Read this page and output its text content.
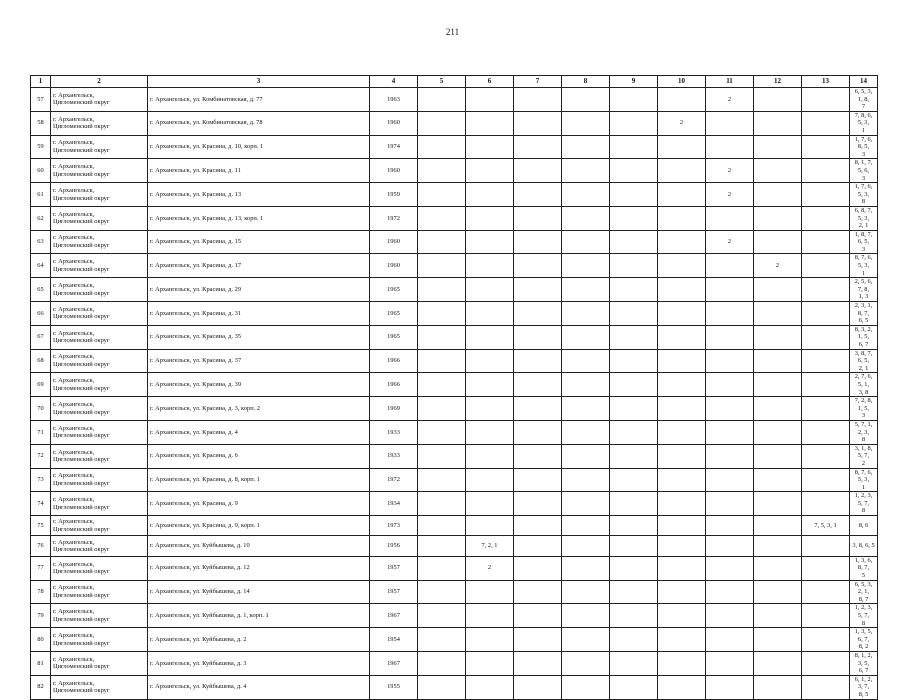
211
1	2	3	4	5	6	7	8	9	10	11	12	13	14
57	г. Архангельск,
Цигломенский округ	г. Архангельск, ул. Комбинатовская, д. 77	1963							2			6, 5, 3, 1, 8,
7
58	г. Архангельск,
Цигломенский округ	г. Архангельск, ул. Комбинатовская, д. 78	1960						2				7, 8, 6, 5, 3,
1
59	г. Архангельск,
Цигломенский округ	г. Архангельск, ул. Красина, д. 10, корп. 1	1974										1, 7, 6, 8, 5,
3
60	г. Архангельск,
Цигломенский округ	г. Архангельск, ул. Красина, д. 11	1960							2			8, 1, 7, 5, 6,
3
61	г. Архангельск,
Цигломенский округ	г. Архангельск, ул. Красина, д. 13	1959							2			1, 7, 6, 5, 3,
8
62	г. Архангельск,
Цигломенский округ	г. Архангельск, ул. Красина, д. 13, корп. 1	1972										6, 8, 7, 5, 3,
2, 1
63	г. Архангельск,
Цигломенский округ	г. Архангельск, ул. Красина, д. 15	1960							2			1, 8, 7, 6, 5,
3
64	г. Архангельск,
Цигломенский округ	г. Архангельск, ул. Красина, д. 17	1960								2		8, 7, 6, 5, 3,
1
65	г. Архангельск,
Цигломенский округ	г. Архангельск, ул. Красина, д. 29	1965										2, 5, 6, 7, 8,
1, 3
66	г. Архангельск,
Цигломенский округ	г. Архангельск, ул. Красина, д. 31	1965										2, 3, 1, 8, 7,
6, 5
67	г. Архангельск,
Цигломенский округ	г. Архангельск, ул. Красина, д. 35	1965										8, 3, 2, 1, 5,
6, 7
68	г. Архангельск,
Цигломенский округ	г. Архангельск, ул. Красина, д. 37	1966										3, 8, 7, 6, 5,
2, 1
69	г. Архангельск,
Цигломенский округ	г. Архангельск, ул. Красина, д. 39	1966										2, 7, 6, 5, 1,
3, 8
70	г. Архангельск,
Цигломенский округ	г. Архангельск, ул. Красина, д. 3, корп. 2	1969										7, 2, 8, 1, 5,
3
71	г. Архангельск,
Цигломенский округ	г. Архангельск, ул. Красина, д. 4	1933										5, 7, 1, 2, 3,
8
72	г. Архангельск,
Цигломенский округ	г. Архангельск, ул. Красина, д. 6	1933										3, 1, 8, 5, 7,
2
73	г. Архангельск,
Цигломенский округ	г. Архангельск, ул. Красина, д. 8, корп. 1	1972										8, 7, 6, 5, 3,
1
74	г. Архангельск,
Цигломенский округ	г. Архангельск, ул. Красина, д. 9	1934										1, 2, 3, 5, 7,
8
75	г. Архангельск,
Цигломенский округ	г. Архангельск, ул. Красина, д. 9, корп. 1	1973									7, 5, 3, 1	8, 6
76	г. Архангельск,
Цигломенский округ	г. Архангельск, ул. Куйбышева, д. 10	1956		7, 2, 1								3, 8, 6, 5
77	г. Архангельск,
Цигломенский округ	г. Архангельск, ул. Куйбышева, д. 12	1957		2								1, 3, 6, 8, 7,
5
78	г. Архангельск,
Цигломенский округ	г. Архангельск, ул. Куйбышева, д. 14	1957										6, 5, 3, 2, 1,
8, 7
79	г. Архангельск,
Цигломенский округ	г. Архангельск, ул. Куйбышева, д. 1, корп. 1	1967										1, 2, 3, 5, 7,
8
80	г. Архангельск,
Цигломенский округ	г. Архангельск, ул. Куйбышева, д. 2	1954										1, 3, 5, 6, 7,
8, 2
81	г. Архангельск,
Цигломенский округ	г. Архангельск, ул. Куйбышева, д. 3	1967										8, 1, 2, 3, 5,
6, 7
82	г. Архангельск,
Цигломенский округ	г. Архангельск, ул. Куйбышева, д. 4	1955										6, 1, 2, 3, 7,
8, 5
